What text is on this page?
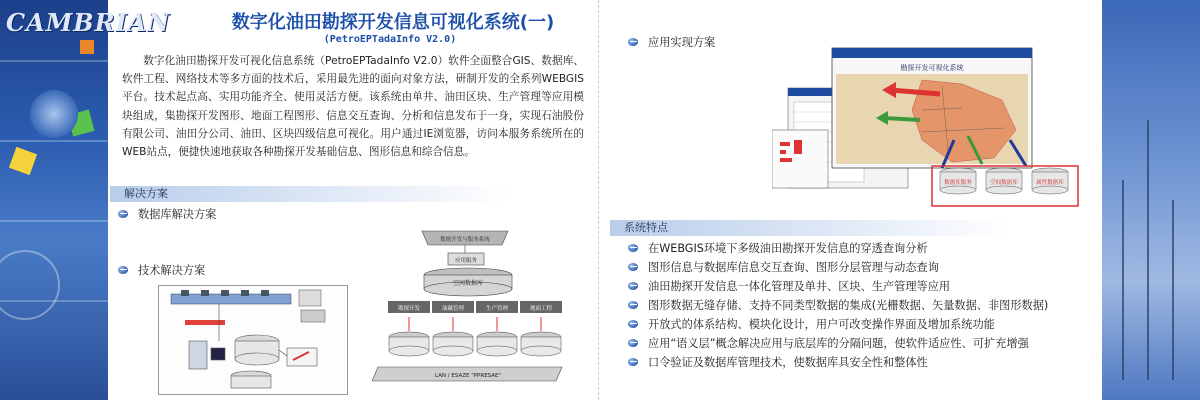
CAMBRIAN	数字化油田勘探开发信息可视化系统(一)
(PetroEPTadaInfo V2.0)
数字化油田勘探开发可视化信息系统（PetroEPTadaInfo V2.0）软件全面整合GIS、数据库、软件工程、网络技术等多方面的技术后，采用最先进的面向对象方法，研制开发的全系列WEBGIS平台。技术起点高、实用功能齐全、使用灵活方便。该系统由单井、油田区块、生产管理等应用模块组成，集勘探开发图形、地面工程图形、信息交互查询、分析和信息发布于一身，实现石油股份有限公司、油田分公司、油田、区块四级信息可视化。用户通过IE浏览器，访问本服务系统所在的WEB站点，便捷快速地获取各种勘探开发基础信息、图形信息和综合信息。
解决方案
数据库解决方案
技术解决方案
数据开发与服务系统
应用服务
空间数据库
勘探开发	油藏管理	生产管理	地面工程
LAN / ESAZE "PPRESAE"
应用实现方案
勘探开发可视化系统
数据库服务	空间数据库	属性数据库
系统特点
在WEBGIS环境下多级油田勘探开发信息的穿透查询分析
图形信息与数据库信息交互查询、图形分层管理与动态查询
油田勘探开发信息一体化管理及单井、区块、生产管理等应用
图形数据无缝存储、支持不同类型数据的集成(光栅数据、矢量数据、非图形数据)
开放式的体系结构、模块化设计，用户可改变操作界面及增加系统功能
应用“语义层”概念解决应用与底层库的分隔问题，使软件适应性、可扩充增强
口令验证及数据库管理技术，使数据库具安全性和整体性
